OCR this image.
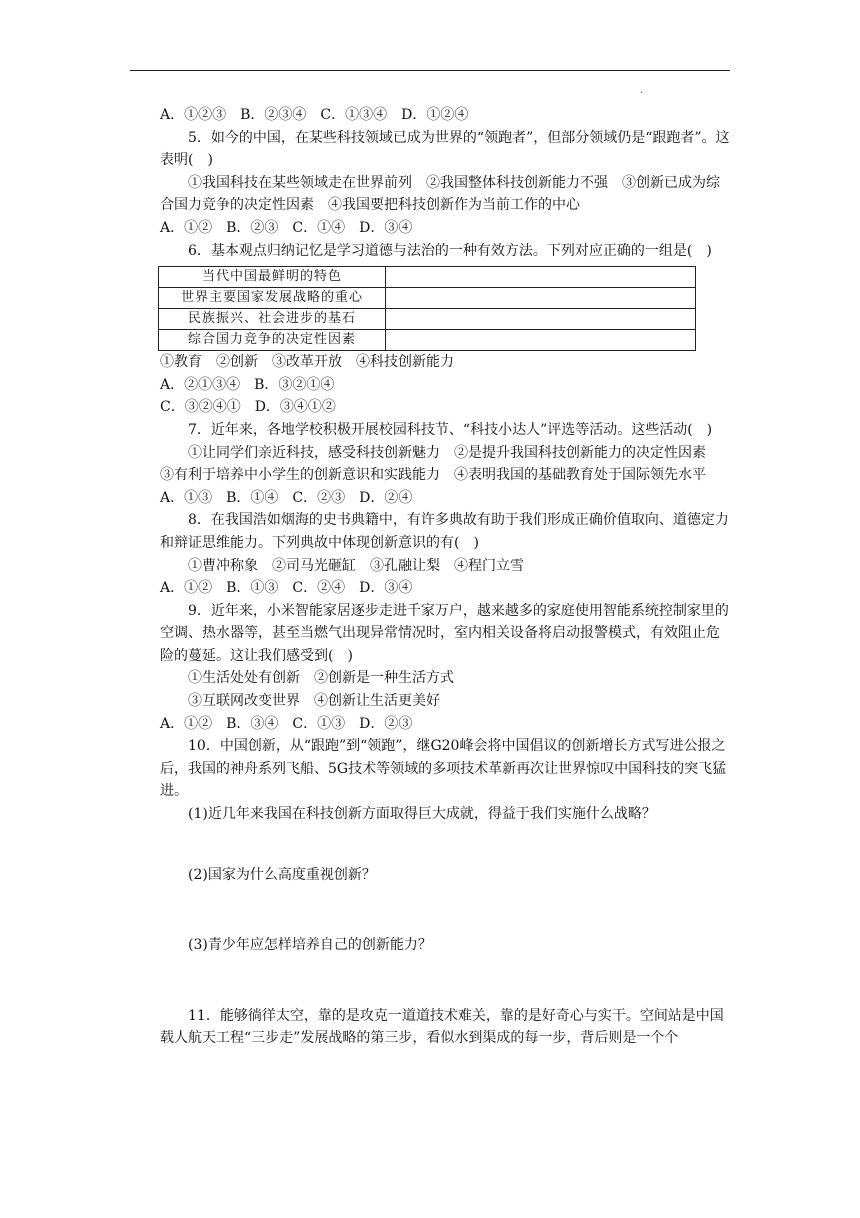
·

A．①②③　B．②③④　C．①③④　D．①②④

5．如今的中国，在某些科技领域已成为世界的“领跑者”，但部分领域仍是“跟跑者”。这表明(　)

①我国科技在某些领域走在世界前列　②我国整体科技创新能力不强　③创新已成为综合国力竞争的决定性因素　④我国要把科技创新作为当前工作的中心

A．①②　B．②③　C．①④　D．③④

6．基本观点归纳记忆是学习道德与法治的一种有效方法。下列对应正确的一组是(　)

当代中国最鲜明的特色	
世界主要国家发展战略的重心	
民族振兴、社会进步的基石	
综合国力竞争的决定性因素	

①教育　②创新　③改革开放　④科技创新能力

A．②①③④　B．③②①④

C．③②④①　D．③④①②

7．近年来，各地学校积极开展校园科技节、“科技小达人”评选等活动。这些活动(　)

①让同学们亲近科技，感受科技创新魅力　②是提升我国科技创新能力的决定性因素　③有利于培养中小学生的创新意识和实践能力　④表明我国的基础教育处于国际领先水平

A．①③　B．①④　C．②③　D．②④

8．在我国浩如烟海的史书典籍中，有许多典故有助于我们形成正确价值取向、道德定力和辩证思维能力。下列典故中体现创新意识的有(　)

①曹冲称象　②司马光砸缸　③孔融让梨　④程门立雪

A．①②　B．①③　C．②④　D．③④

9．近年来，小米智能家居逐步走进千家万户，越来越多的家庭使用智能系统控制家里的空调、热水器等，甚至当燃气出现异常情况时，室内相关设备将启动报警模式，有效阻止危险的蔓延。这让我们感受到(　)

①生活处处有创新　②创新是一种生活方式

③互联网改变世界　④创新让生活更美好

A．①②　B．③④　C．①③　D．②③

10．中国创新，从“跟跑”到“领跑”，继G20峰会将中国倡议的创新增长方式写进公报之后，我国的神舟系列飞船、5G技术等领域的多项技术革新再次让世界惊叹中国科技的突飞猛进。

(1)近几年来我国在科技创新方面取得巨大成就，得益于我们实施什么战略？

(2)国家为什么高度重视创新？

(3)青少年应怎样培养自己的创新能力？

11．能够徜徉太空，靠的是攻克一道道技术难关，靠的是好奇心与实干。空间站是中国载人航天工程“三步走”发展战略的第三步，看似水到渠成的每一步，背后则是一个个
